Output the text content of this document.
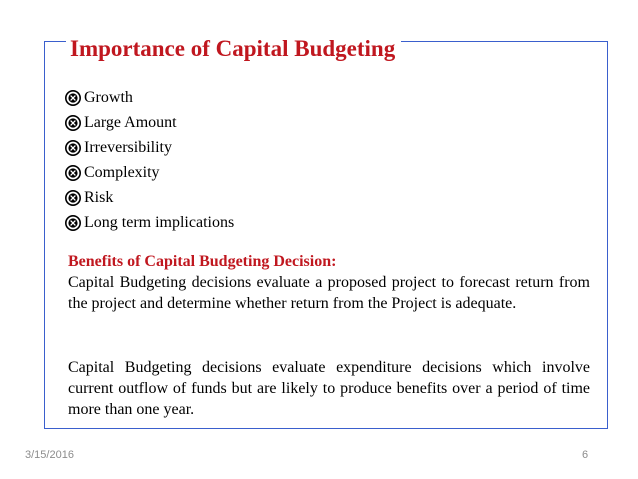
Importance of Capital Budgeting
Growth
Large Amount
Irreversibility
Complexity
Risk
Long term implications
Benefits of Capital Budgeting Decision:

Capital Budgeting decisions evaluate a proposed project to forecast return from the project and determine whether return from the Project is adequate.

Capital Budgeting decisions evaluate expenditure decisions which involve current outflow of funds but are likely to produce benefits over a period of time more than one year.

3/15/2016	6
